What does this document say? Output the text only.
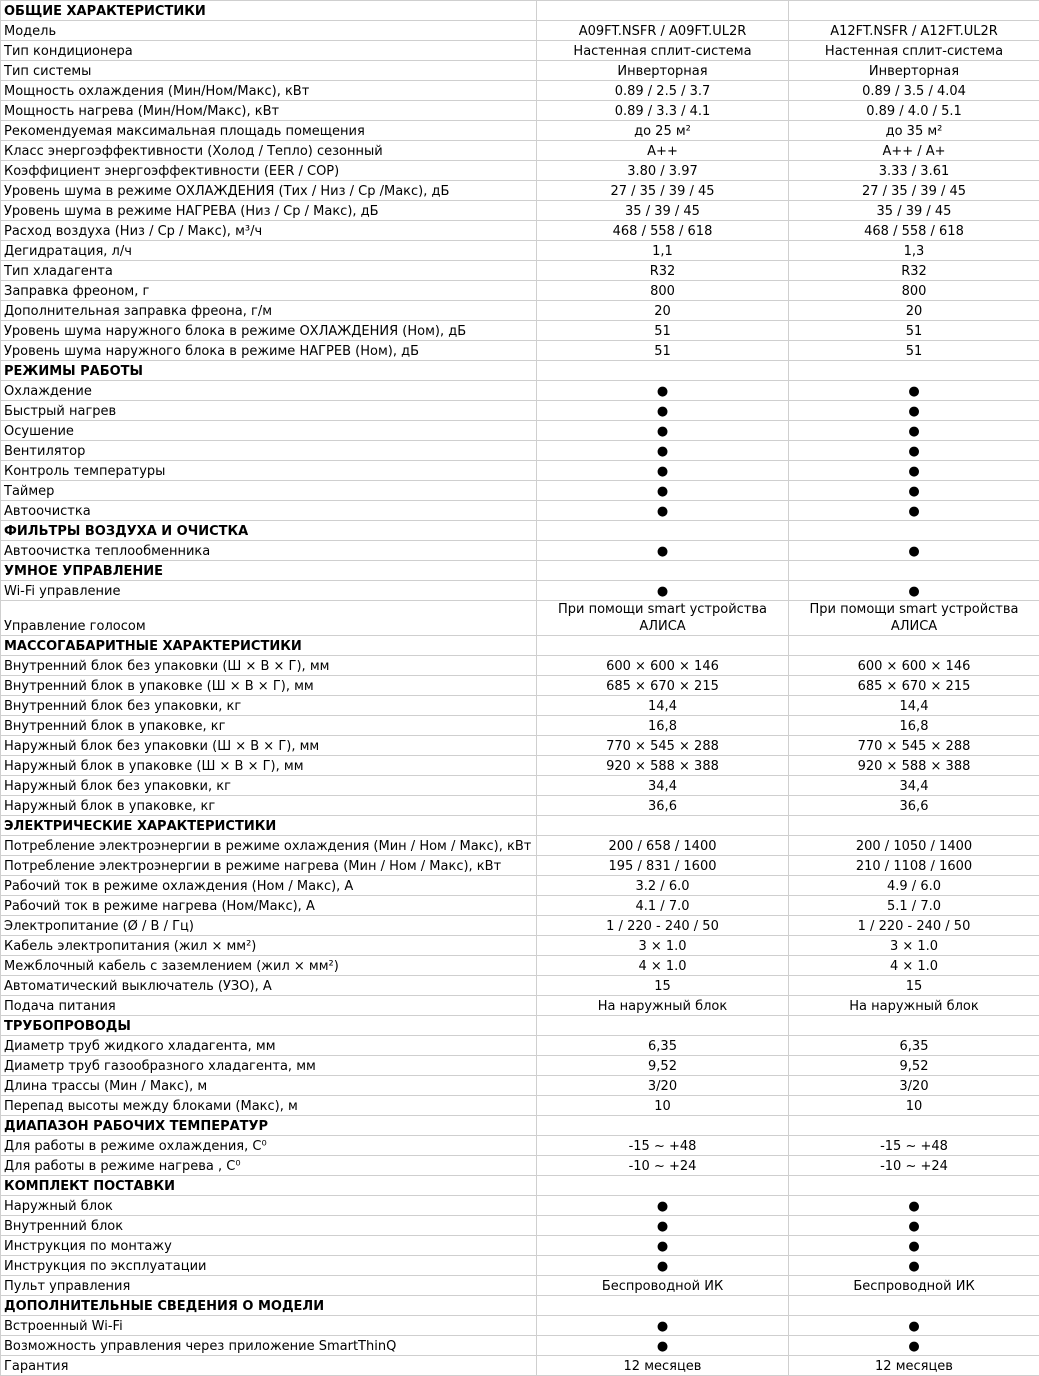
ОБЩИЕ ХАРАКТЕРИСТИКИ		
Модель	A09FT.NSFR / A09FT.UL2R	A12FT.NSFR / A12FT.UL2R
Тип кондиционера	Настенная сплит-система	Настенная сплит-система
Тип системы	Инверторная	Инверторная
Мощность охлаждения (Мин/Ном/Макс), кВт	0.89 / 2.5 / 3.7	0.89 / 3.5 / 4.04
Мощность нагрева (Мин/Ном/Макс), кВт	0.89 / 3.3 / 4.1	0.89 / 4.0 / 5.1
Рекомендуемая максимальная площадь помещения	до 25 м²	до 35 м²
Класс энергоэффективности (Холод / Тепло) сезонный	A++	A++ / A+
Коэффициент энергоэффективности (EER / COP)	3.80 / 3.97	3.33 / 3.61
Уровень шума в режиме ОХЛАЖДЕНИЯ (Тих / Низ / Ср /Макс), дБ	27 / 35 / 39 / 45	27 / 35 / 39 / 45
Уровень шума в режиме НАГРЕВА (Низ / Ср / Макс), дБ	35 / 39 / 45	35 / 39 / 45
Расход воздуха (Низ / Ср / Макс), м³/ч	468 / 558 / 618	468 / 558 / 618
Дегидратация, л/ч	1,1	1,3
Тип хладагента	R32	R32
Заправка фреоном, г	800	800
Дополнительная заправка фреона, г/м	20	20
Уровень шума наружного блока в режиме ОХЛАЖДЕНИЯ (Ном), дБ	51	51
Уровень шума наружного блока в режиме НАГРЕВ (Ном), дБ	51	51
РЕЖИМЫ РАБОТЫ		
Охлаждение	●	●
Быстрый нагрев	●	●
Осушение	●	●
Вентилятор	●	●
Контроль температуры	●	●
Таймер	●	●
Автоочистка	●	●
ФИЛЬТРЫ ВОЗДУХА И ОЧИСТКА		
Автоочистка теплообменника	●	●
УМНОЕ УПРАВЛЕНИЕ		
Wi-Fi управление	●	●
Управление голосом	При помощи smart устройства АЛИСА	При помощи smart устройства АЛИСА
МАССОГАБАРИТНЫЕ ХАРАКТЕРИСТИКИ		
Внутренний блок без упаковки (Ш × В × Г), мм	600 × 600 × 146	600 × 600 × 146
Внутренний блок в упаковке (Ш × В × Г), мм	685 × 670 × 215	685 × 670 × 215
Внутренний блок без упаковки, кг	14,4	14,4
Внутренний блок в упаковке, кг	16,8	16,8
Наружный блок без упаковки (Ш × В × Г), мм	770 × 545 × 288	770 × 545 × 288
Наружный блок в упаковке (Ш × В × Г), мм	920 × 588 × 388	920 × 588 × 388
Наружный блок без упаковки, кг	34,4	34,4
Наружный блок в упаковке, кг	36,6	36,6
ЭЛЕКТРИЧЕСКИЕ ХАРАКТЕРИСТИКИ		
Потребление электроэнергии в режиме охлаждения (Мин / Ном / Макс), кВт	200 / 658 / 1400	200 / 1050 / 1400
Потребление электроэнергии в режиме нагрева (Мин / Ном / Макс), кВт	195 / 831 / 1600	210 / 1108 / 1600
Рабочий ток в режиме охлаждения (Ном / Макс), А	3.2 / 6.0	4.9 / 6.0
Рабочий ток в режиме нагрева (Ном/Макс), А	4.1 / 7.0	5.1 / 7.0
Электропитание (Ø / В / Гц)	1 / 220 - 240 / 50	1 / 220 - 240 / 50
Кабель электропитания (жил × мм²)	3 × 1.0	3 × 1.0
Межблочный кабель с заземлением (жил × мм²)	4 × 1.0	4 × 1.0
Автоматический выключатель (УЗО), А	15	15
Подача питания	На наружный блок	На наружный блок
ТРУБОПРОВОДЫ		
Диаметр труб жидкого хладагента, мм	6,35	6,35
Диаметр труб газообразного хладагента, мм	9,52	9,52
Длина трассы (Мин / Макс), м	3/20	3/20
Перепад высоты между блоками (Макс), м	10	10
ДИАПАЗОН РАБОЧИХ ТЕМПЕРАТУР		
Для работы в режиме охлаждения, С⁰	-15 ~ +48	-15 ~ +48
Для работы в режиме нагрева , С⁰	-10 ~ +24	-10 ~ +24
КОМПЛЕКТ ПОСТАВКИ		
Наружный блок	●	●
Внутренний блок	●	●
Инструкция по монтажу	●	●
Инструкция по эксплуатации	●	●
Пульт управления	Беспроводной ИК	Беспроводной ИК
ДОПОЛНИТЕЛЬНЫЕ СВЕДЕНИЯ О МОДЕЛИ		
Встроенный Wi-Fi	●	●
Возможность управления через приложение SmartThinQ	●	●
Гарантия	12 месяцев	12 месяцев
